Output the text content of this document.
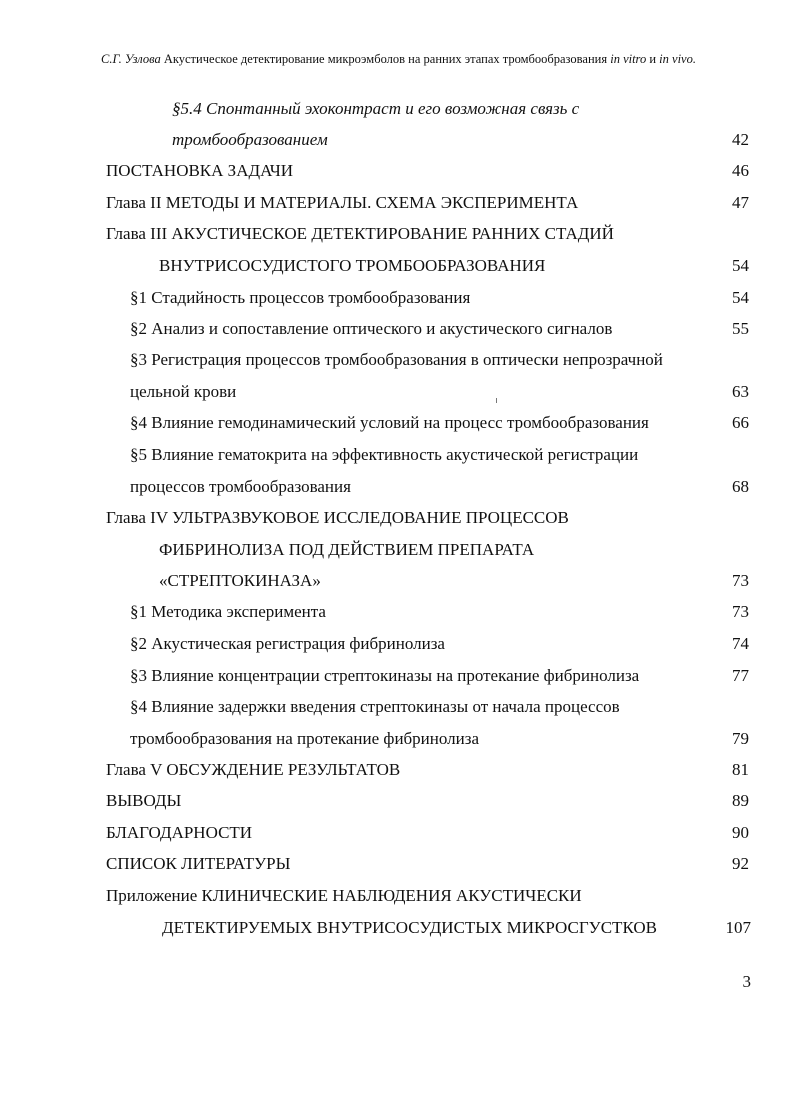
С.Г. Узлова Акустическое детектирование микроэмболов на ранних этапах тромбообразования in vitro и in vivo.
§5.4 Спонтанный эхоконтраст и его возможная связь с
тромбообразованием	42
ПОСТАНОВКА ЗАДАЧИ	46
Глава II МЕТОДЫ И МАТЕРИАЛЫ. СХЕМА ЭКСПЕРИМЕНТА	47
Глава III АКУСТИЧЕСКОЕ ДЕТЕКТИРОВАНИЕ РАННИХ СТАДИЙ
ВНУТРИСОСУДИСТОГО ТРОМБООБРАЗОВАНИЯ	54
§1 Стадийность процессов тромбообразования	54
§2 Анализ и сопоставление оптического и акустического сигналов	55
§3 Регистрация процессов тромбообразования в оптически непрозрачной
цельной крови	63
§4 Влияние гемодинамический условий на процесс тромбообразования	66
§5 Влияние гематокрита на эффективность акустической регистрации
процессов тромбообразования	68
Глава IV УЛЬТРАЗВУКОВОЕ ИССЛЕДОВАНИЕ ПРОЦЕССОВ
ФИБРИНОЛИЗА ПОД ДЕЙСТВИЕМ ПРЕПАРАТА
«СТРЕПТОКИНАЗА»	73
§1 Методика эксперимента	73
§2 Акустическая регистрация фибринолиза	74
§3 Влияние концентрации стрептокиназы на протекание фибринолиза	77
§4 Влияние задержки введения стрептокиназы от начала процессов
тромбообразования на протекание фибринолиза	79
Глава V ОБСУЖДЕНИЕ РЕЗУЛЬТАТОВ	81
ВЫВОДЫ	89
БЛАГОДАРНОСТИ	90
СПИСОК ЛИТЕРАТУРЫ	92
Приложение КЛИНИЧЕСКИЕ НАБЛЮДЕНИЯ АКУСТИЧЕСКИ
ДЕТЕКТИРУЕМЫХ ВНУТРИСОСУДИСТЫХ МИКРОСГУСТКОВ	107
3
